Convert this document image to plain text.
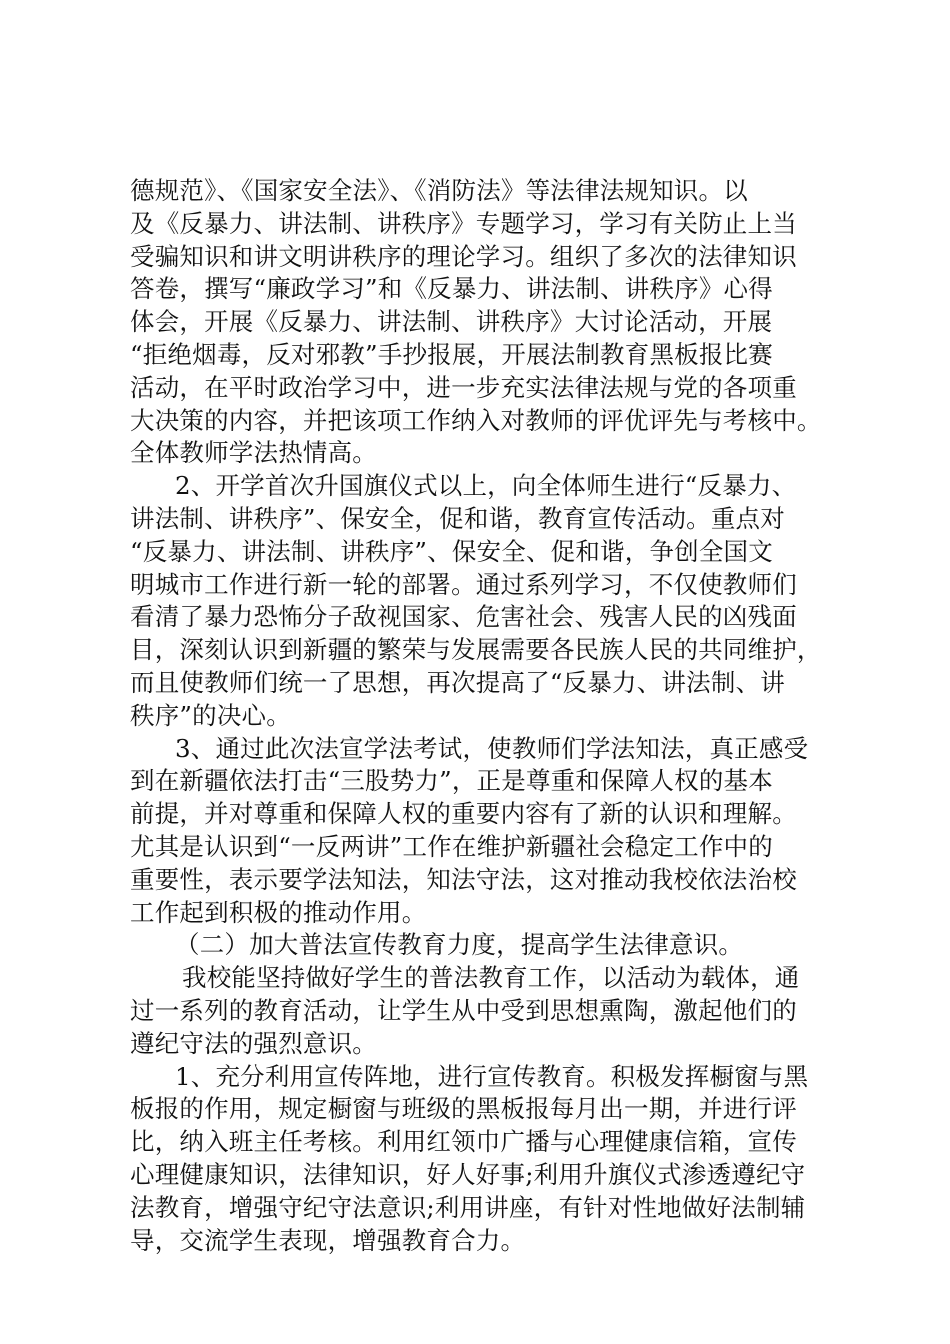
德规范》、《国家安全法》、《消防法》等法律法规知识。以
及《反暴力、讲法制、讲秩序》专题学习，学习有关防止上当
受骗知识和讲文明讲秩序的理论学习。组织了多次的法律知识
答卷，撰写“廉政学习”和《反暴力、讲法制、讲秩序》心得
体会，开展《反暴力、讲法制、讲秩序》大讨论活动，开展
“拒绝烟毒，反对邪教”手抄报展，开展法制教育黑板报比赛
活动，在平时政治学习中，进一步充实法律法规与党的各项重
大决策的内容，并把该项工作纳入对教师的评优评先与考核中。
全体教师学法热情高。
2、开学首次升国旗仪式以上，向全体师生进行“反暴力、
讲法制、讲秩序”、保安全，促和谐，教育宣传活动。重点对
“反暴力、讲法制、讲秩序”、保安全、促和谐，争创全国文
明城市工作进行新一轮的部署。通过系列学习，不仅使教师们
看清了暴力恐怖分子敌视国家、危害社会、残害人民的凶残面
目，深刻认识到新疆的繁荣与发展需要各民族人民的共同维护，
而且使教师们统一了思想，再次提高了“反暴力、讲法制、讲
秩序”的决心。
3、通过此次法宣学法考试，使教师们学法知法，真正感受
到在新疆依法打击“三股势力”，正是尊重和保障人权的基本
前提，并对尊重和保障人权的重要内容有了新的认识和理解。
尤其是认识到“一反两讲”工作在维护新疆社会稳定工作中的
重要性，表示要学法知法，知法守法，这对推动我校依法治校
工作起到积极的推动作用。
（二）加大普法宣传教育力度，提高学生法律意识。
我校能坚持做好学生的普法教育工作，以活动为载体，通
过一系列的教育活动，让学生从中受到思想熏陶，激起他们的
遵纪守法的强烈意识。
1、充分利用宣传阵地，进行宣传教育。积极发挥橱窗与黑
板报的作用，规定橱窗与班级的黑板报每月出一期，并进行评
比，纳入班主任考核。利用红领巾广播与心理健康信箱，宣传
心理健康知识，法律知识，好人好事;利用升旗仪式渗透遵纪守
法教育，增强守纪守法意识;利用讲座，有针对性地做好法制辅
导，交流学生表现，增强教育合力。
